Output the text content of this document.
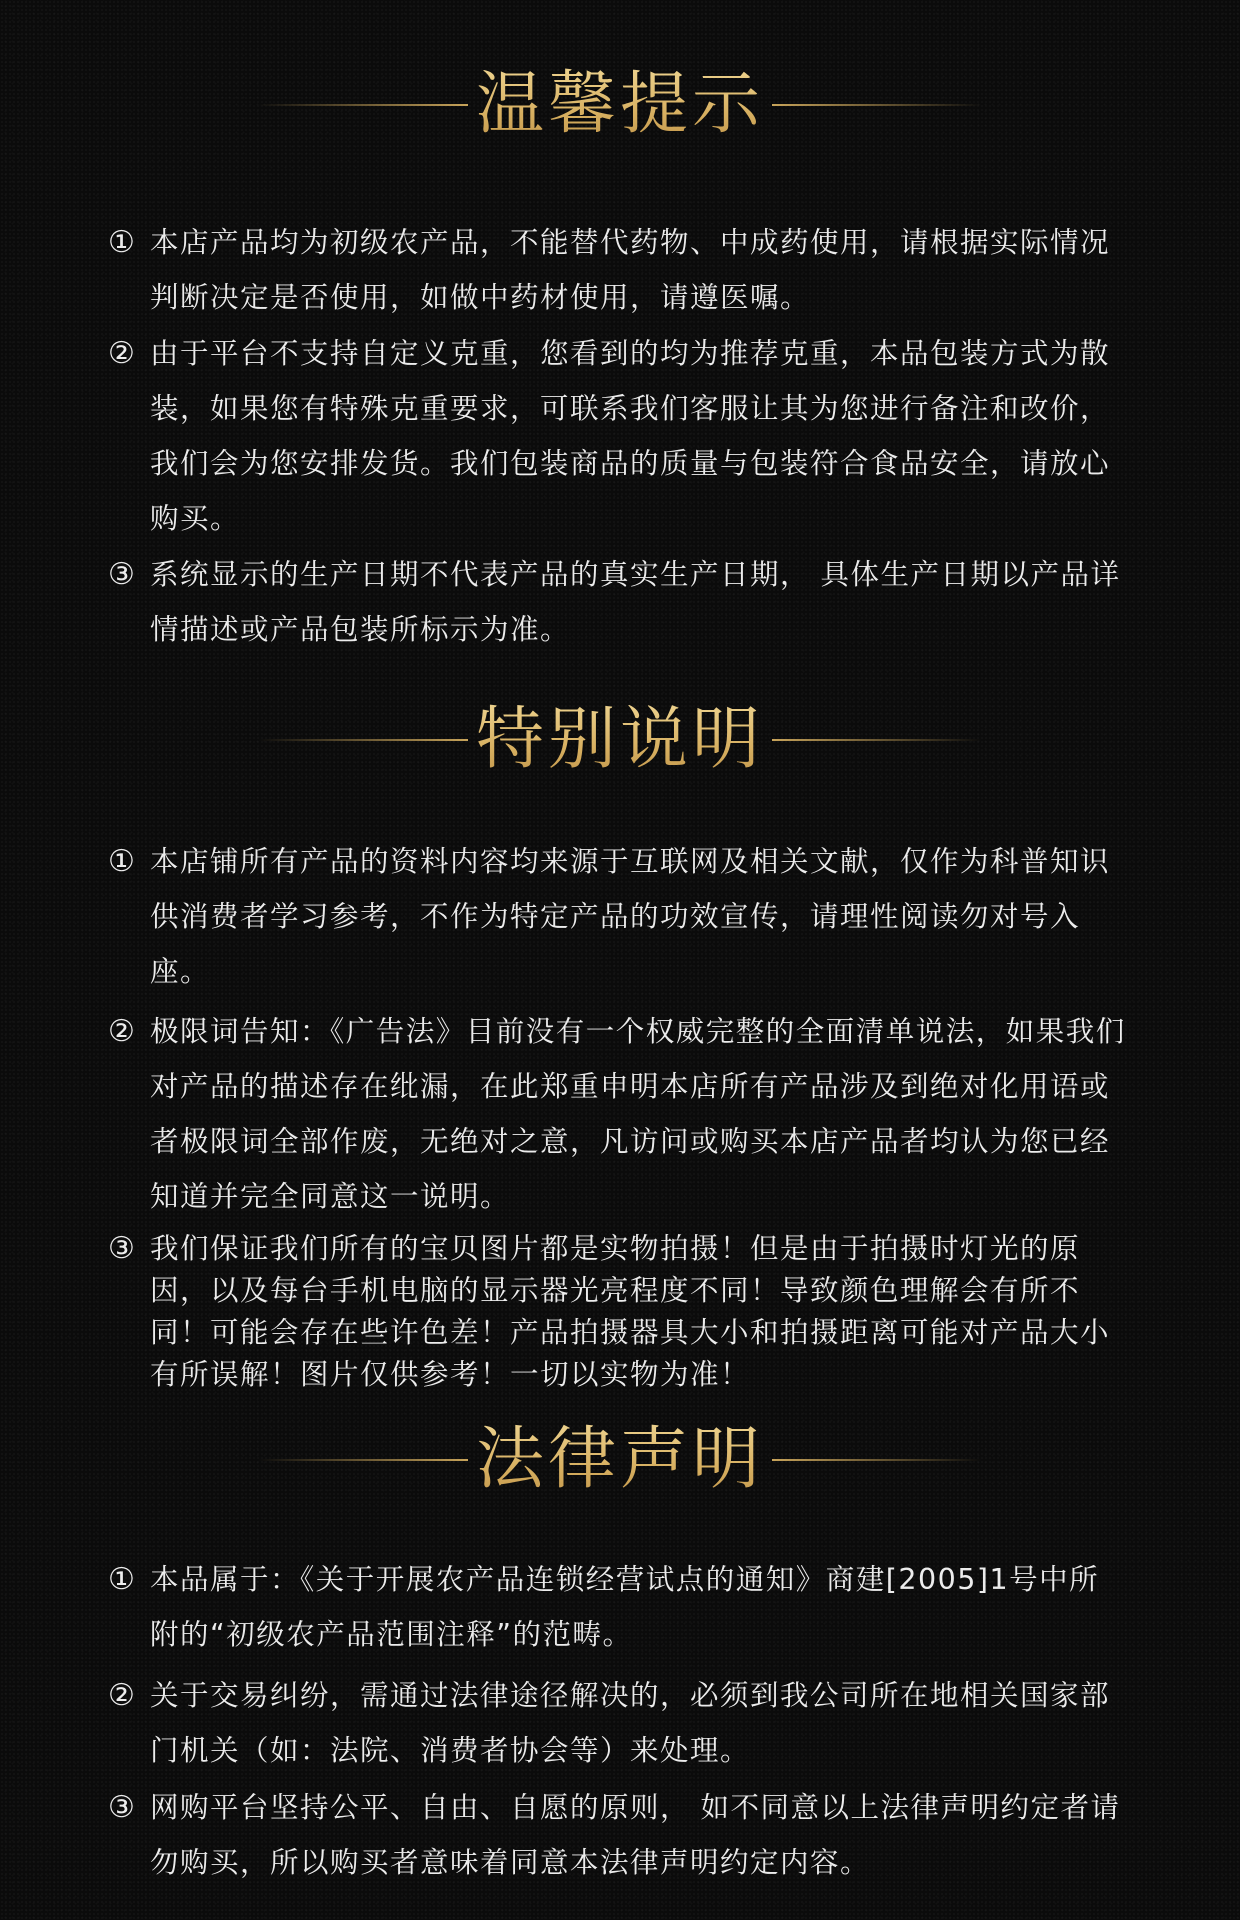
温馨提示
① 本店产品均为初级农产品，不能替代药物、中成药使用，请根据实际情况判断决定是否使用，如做中药材使用，请遵医嘱。
② 由于平台不支持自定义克重，您看到的均为推荐克重，本品包装方式为散装，如果您有特殊克重要求，可联系我们客服让其为您进行备注和改价，我们会为您安排发货。我们包装商品的质量与包装符合食品安全，请放心购买。
③ 系统显示的生产日期不代表产品的真实生产日期， 具体生产日期以产品详情描述或产品包装所标示为准。
特别说明
① 本店铺所有产品的资料内容均来源于互联网及相关文献，仅作为科普知识供消费者学习参考，不作为特定产品的功效宣传，请理性阅读勿对号入座。
② 极限词告知：《广告法》目前没有一个权威完整的全面清单说法，如果我们对产品的描述存在纰漏，在此郑重申明本店所有产品涉及到绝对化用语或者极限词全部作废，无绝对之意，凡访问或购买本店产品者均认为您已经知道并完全同意这一说明。
③ 我们保证我们所有的宝贝图片都是实物拍摄！但是由于拍摄时灯光的原因，以及每台手机电脑的显示器光亮程度不同！导致颜色理解会有所不同！可能会存在些许色差！产品拍摄器具大小和拍摄距离可能对产品大小有所误解！图片仅供参考！一切以实物为准！
法律声明
① 本品属于：《关于开展农产品连锁经营试点的通知》商建[2005]1号中所附的“初级农产品范围注释”的范畴。
② 关于交易纠纷，需通过法律途径解决的，必须到我公司所在地相关国家部门机关（如：法院、消费者协会等）来处理。
③ 网购平台坚持公平、自由、自愿的原则， 如不同意以上法律声明约定者请勿购买，所以购买者意味着同意本法律声明约定内容。
